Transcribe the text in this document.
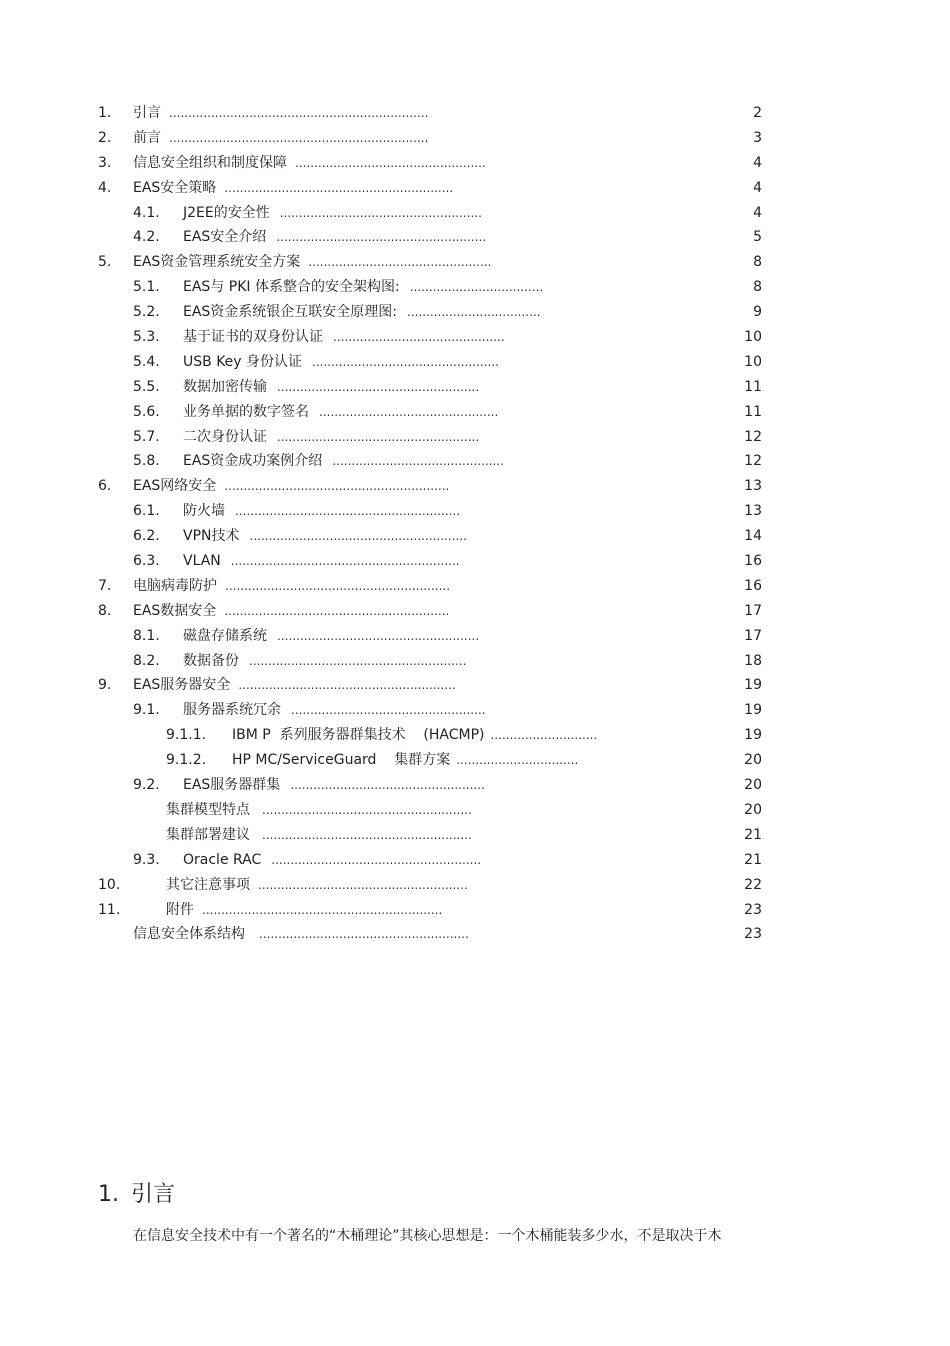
1. 引言 ....................................................................	2
2. 前言 ....................................................................	3
3. 信息安全组织和制度保障 ..................................................	4
4. EAS安全策略 ............................................................	4
4.1. J2EE的安全性 .....................................................	4
4.2. EAS安全介绍 .......................................................	5
5. EAS资金管理系统安全方案 ................................................	8
5.1. EAS与 PKI 体系整合的安全架构图: ...................................	8
5.2. EAS资金系统银企互联安全原理图: ...................................	9
5.3. 基于证书的双身份认证 .............................................	10
5.4. USB Key 身份认证 .................................................	10
5.5. 数据加密传输 .....................................................	11
5.6. 业务单据的数字签名 ...............................................	11
5.7. 二次身份认证 .....................................................	12
5.8. EAS资金成功案例介绍 .............................................	12
6. EAS网络安全 ...........................................................	13
6.1. 防火墙 ...........................................................	13
6.2. VPN技术 .........................................................	14
6.3. VLAN ............................................................	16
7. 电脑病毒防护 ...........................................................	16
8. EAS数据安全 ...........................................................	17
8.1. 磁盘存储系统 .....................................................	17
8.2. 数据备份 .........................................................	18
9. EAS服务器安全 .........................................................	19
9.1. 服务器系统冗余 ...................................................	19
9.1.1. IBM P  系列服务器群集技术    (HACMP) ............................	19
9.1.2. HP MC/ServiceGuard    集群方案 ................................	20
9.2. EAS服务器群集 ...................................................	20
集群模型特点 .......................................................	20
集群部署建议 .......................................................	21
9.3. Oracle RAC .......................................................	21
10.	其它注意事项 .......................................................	22
11.	附件 ...............................................................	23
信息安全体系结构 .......................................................	23
1. 引言
在信息安全技术中有一个著名的“木桶理论”其核心思想是：一个木桶能装多少水，不是取决于木
